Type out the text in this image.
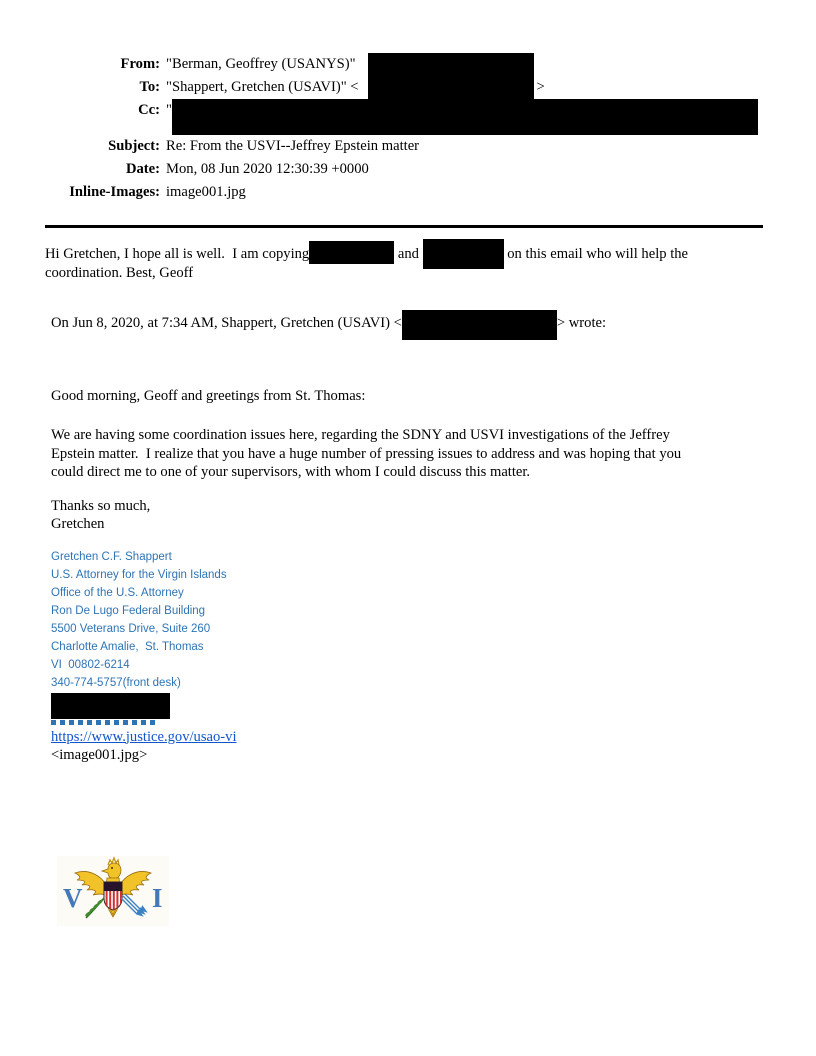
From: "Berman, Geoffrey (USANYS)"
To: "Shappert, Gretchen (USAVI)" <	>
Cc: "
Subject: Re: From the USVI--Jeffrey Epstein matter
Date: Mon, 08 Jun 2020 12:30:39 +0000
Inline-Images: image001.jpg
Hi Gretchen, I hope all is well.  I am copying	and	on this email who will help the
coordination. Best, Geoff
On Jun 8, 2020, at 7:34 AM, Shappert, Gretchen (USAVI) <	> wrote:
Good morning, Geoff and greetings from St. Thomas:
We are having some coordination issues here, regarding the SDNY and USVI investigations of the Jeffrey
Epstein matter.  I realize that you have a huge number of pressing issues to address and was hoping that you
could direct me to one of your supervisors, with whom I could discuss this matter.
Thanks so much,
Gretchen
Gretchen C.F. Shappert
U.S. Attorney for the Virgin Islands
Office of the U.S. Attorney
Ron De Lugo Federal Building
5500 Veterans Drive, Suite 260
Charlotte Amalie,  St. Thomas
VI  00802-6214
340-774-5757(front desk)
https://www.justice.gov/usao-vi
<image001.jpg>
V	I
